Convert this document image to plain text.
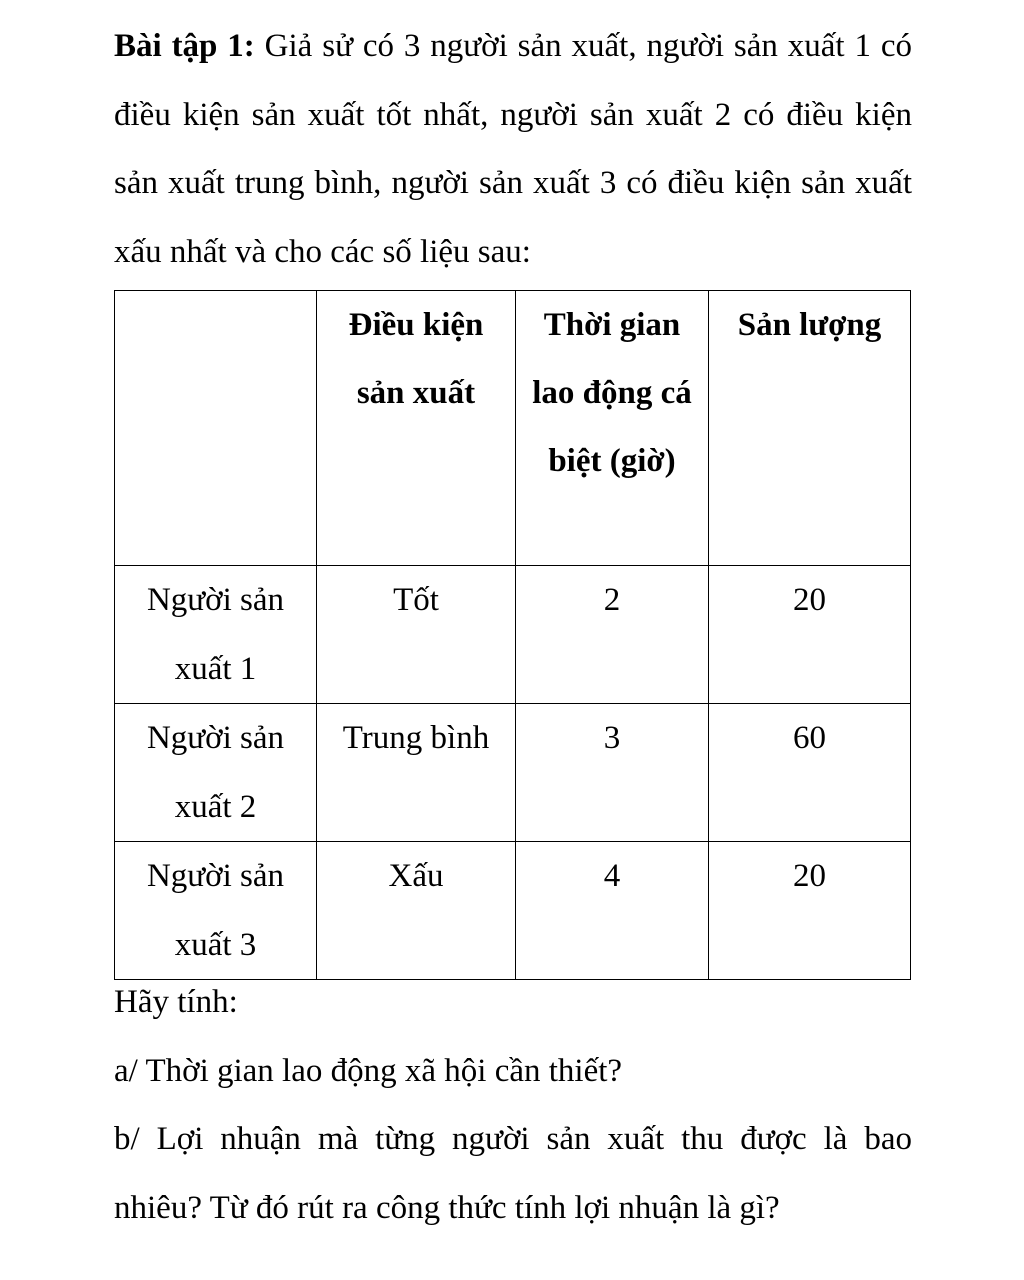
Bài tập 1: Giả sử có 3 người sản xuất, người sản xuất 1 có điều kiện sản xuất tốt nhất, người sản xuất 2 có điều kiện sản xuất trung bình, người sản xuất 3 có điều kiện sản xuất xấu nhất và cho các số liệu sau:

	Điều kiện sản xuất	Thời gian lao động cá biệt (giờ)	Sản lượng
Người sản xuất 1	Tốt	2	20
Người sản xuất 2	Trung bình	3	60
Người sản xuất 3	Xấu	4	20

Hãy tính:

a/ Thời gian lao động xã hội cần thiết?

b/ Lợi nhuận mà từng người sản xuất thu được là bao nhiêu? Từ đó rút ra công thức tính lợi nhuận là gì?
